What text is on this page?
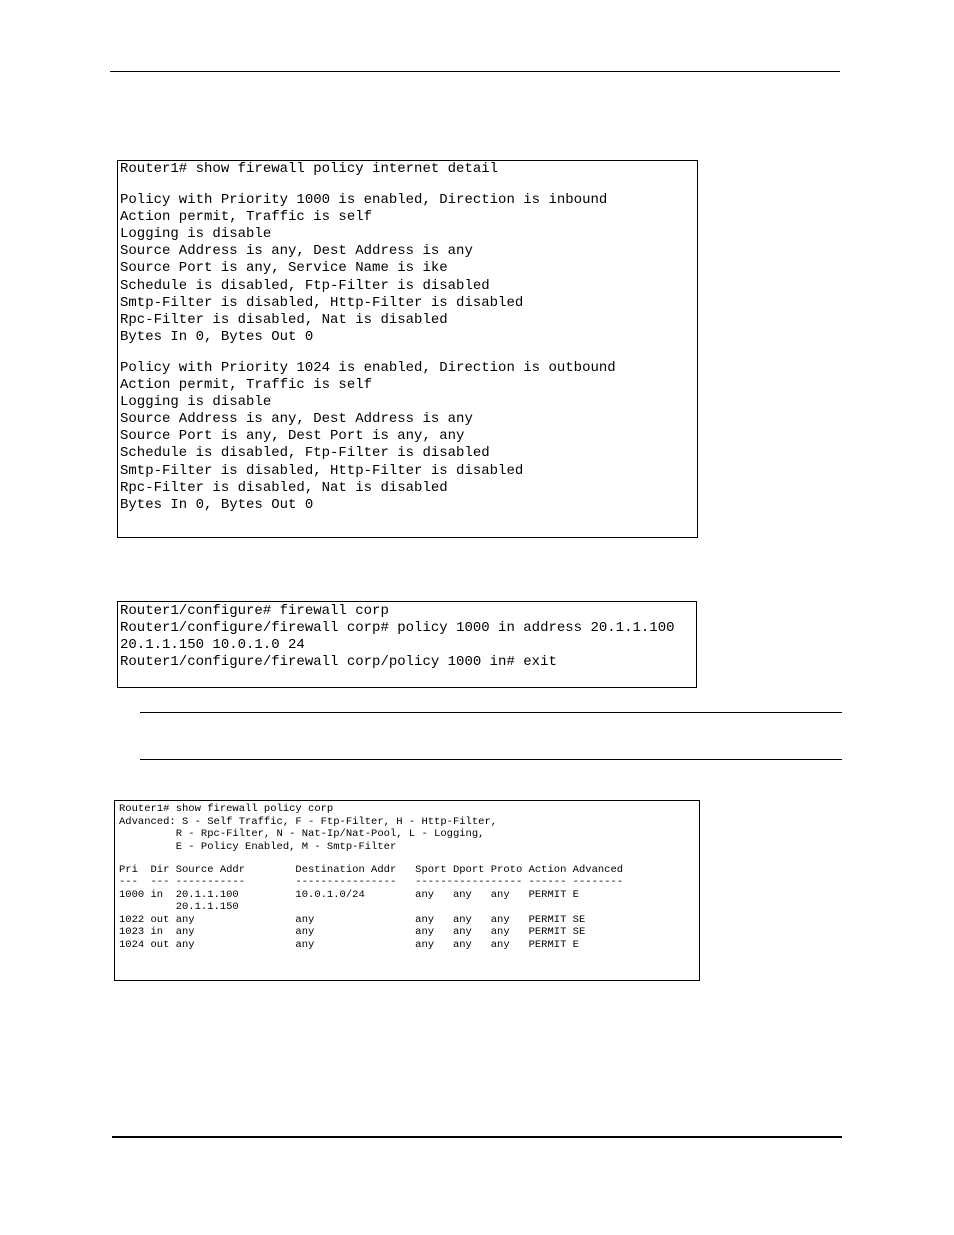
Router1# show firewall policy internet detail
Policy with Priority 1000 is enabled, Direction is inbound
Action permit, Traffic is self
Logging is disable
Source Address is any, Dest Address is any
Source Port is any, Service Name is ike
Schedule is disabled, Ftp-Filter is disabled
Smtp-Filter is disabled, Http-Filter is disabled
Rpc-Filter is disabled, Nat is disabled
Bytes In 0, Bytes Out 0
Policy with Priority 1024 is enabled, Direction is outbound
Action permit, Traffic is self
Logging is disable
Source Address is any, Dest Address is any
Source Port is any, Dest Port is any, any
Schedule is disabled, Ftp-Filter is disabled
Smtp-Filter is disabled, Http-Filter is disabled
Rpc-Filter is disabled, Nat is disabled
Bytes In 0, Bytes Out 0
Router1/configure# firewall corp
Router1/configure/firewall corp# policy 1000 in address 20.1.1.100
20.1.1.150 10.0.1.0 24
Router1/configure/firewall corp/policy 1000 in# exit
Router1# show firewall policy corp
Advanced: S - Self Traffic, F - Ftp-Filter, H - Http-Filter,
R - Rpc-Filter, N - Nat-Ip/Nat-Pool, L - Logging,
E - Policy Enabled, M - Smtp-Filter
Pri  Dir Source Addr        Destination Addr   Sport Dport Proto Action Advanced
---  --- -----------        ----------------   ----------------- ------ --------
1000 in  20.1.1.100         10.0.1.0/24        any   any   any   PERMIT E
20.1.1.150
1022 out any                any                any   any   any   PERMIT SE
1023 in  any                any                any   any   any   PERMIT SE
1024 out any                any                any   any   any   PERMIT E
